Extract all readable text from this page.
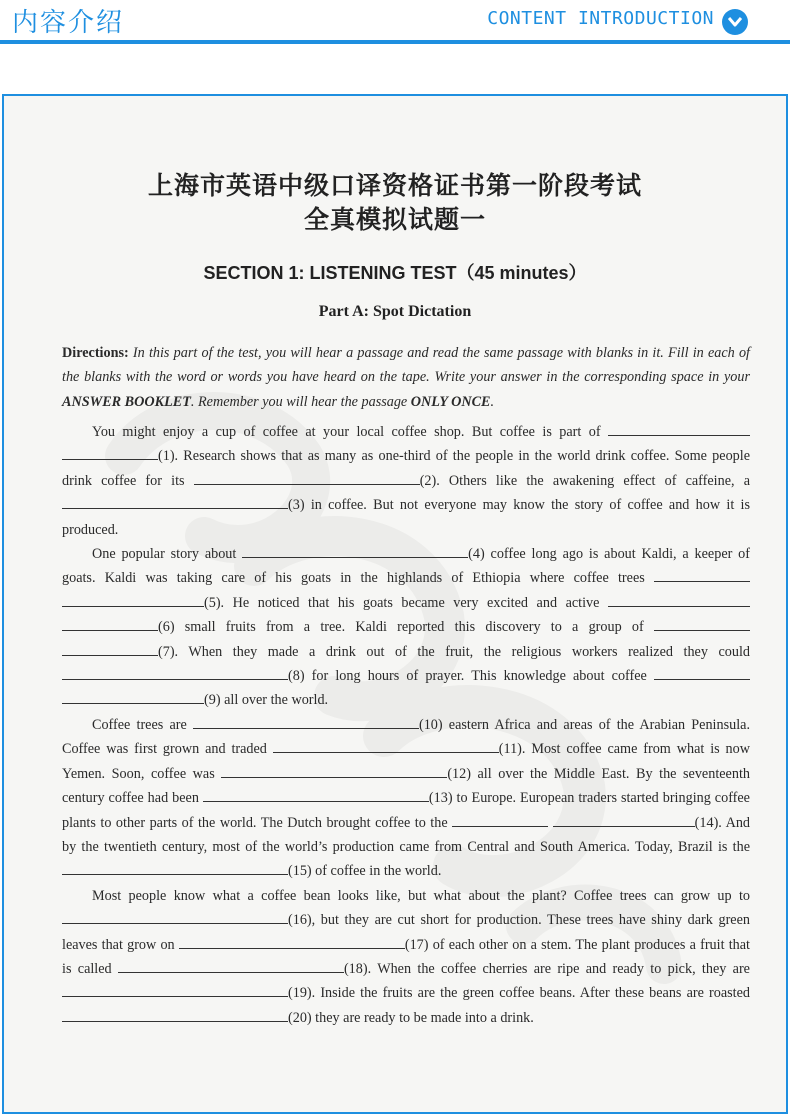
内容介绍	CONTENT INTRODUCTION
上海市英语中级口译资格证书第一阶段考试
全真模拟试题一
SECTION 1: LISTENING TEST（45 minutes）
Part A: Spot Dictation
Directions: In this part of the test, you will hear a passage and read the same passage with blanks in it. Fill in each of the blanks with the word or words you have heard on the tape. Write your answer in the corresponding space in your ANSWER BOOKLET. Remember you will hear the passage ONLY ONCE.

You might enjoy a cup of coffee at your local coffee shop. But coffee is part of  (1). Research shows that as many as one-third of the people in the world drink coffee. Some people drink coffee for its	(2). Others like the awakening effect of caffeine, a (3) in coffee. But not everyone may know the story of coffee and how it is produced.

One popular story about	(4) coffee long ago is about Kaldi, a keeper of goats. Kaldi was taking care of his goats in the highlands of Ethiopia where coffee trees  (5). He noticed that his goats became very excited and active  (6) small fruits from a tree. Kaldi reported this discovery to a group of  (7). When they made a drink out of the fruit, the religious workers realized they could (8) for long hours of prayer. This knowledge about coffee  (9) all over the world.

Coffee trees are	(10) eastern Africa and areas of the Arabian Peninsula. Coffee was first grown and traded	(11). Most coffee came from what is now Yemen. Soon, coffee was	(12) all over the Middle East. By the seventeenth century coffee had been	(13) to Europe. European traders started bringing coffee plants to other parts of the world. The Dutch brought coffee to the	(14). And by the twentieth century, most of the world’s production came from Central and South America. Today, Brazil is the (15) of coffee in the world.

Most people know what a coffee bean looks like, but what about the plant? Coffee trees can grow up to (16), but they are cut short for production. These trees have shiny dark green leaves that grow on	(17) of each other on a stem. The plant produces a fruit that is called	(18). When the coffee cherries are ripe and ready to pick, they are (19). Inside the fruits are the green coffee beans. After these beans are roasted (20) they are ready to be made into a drink.
